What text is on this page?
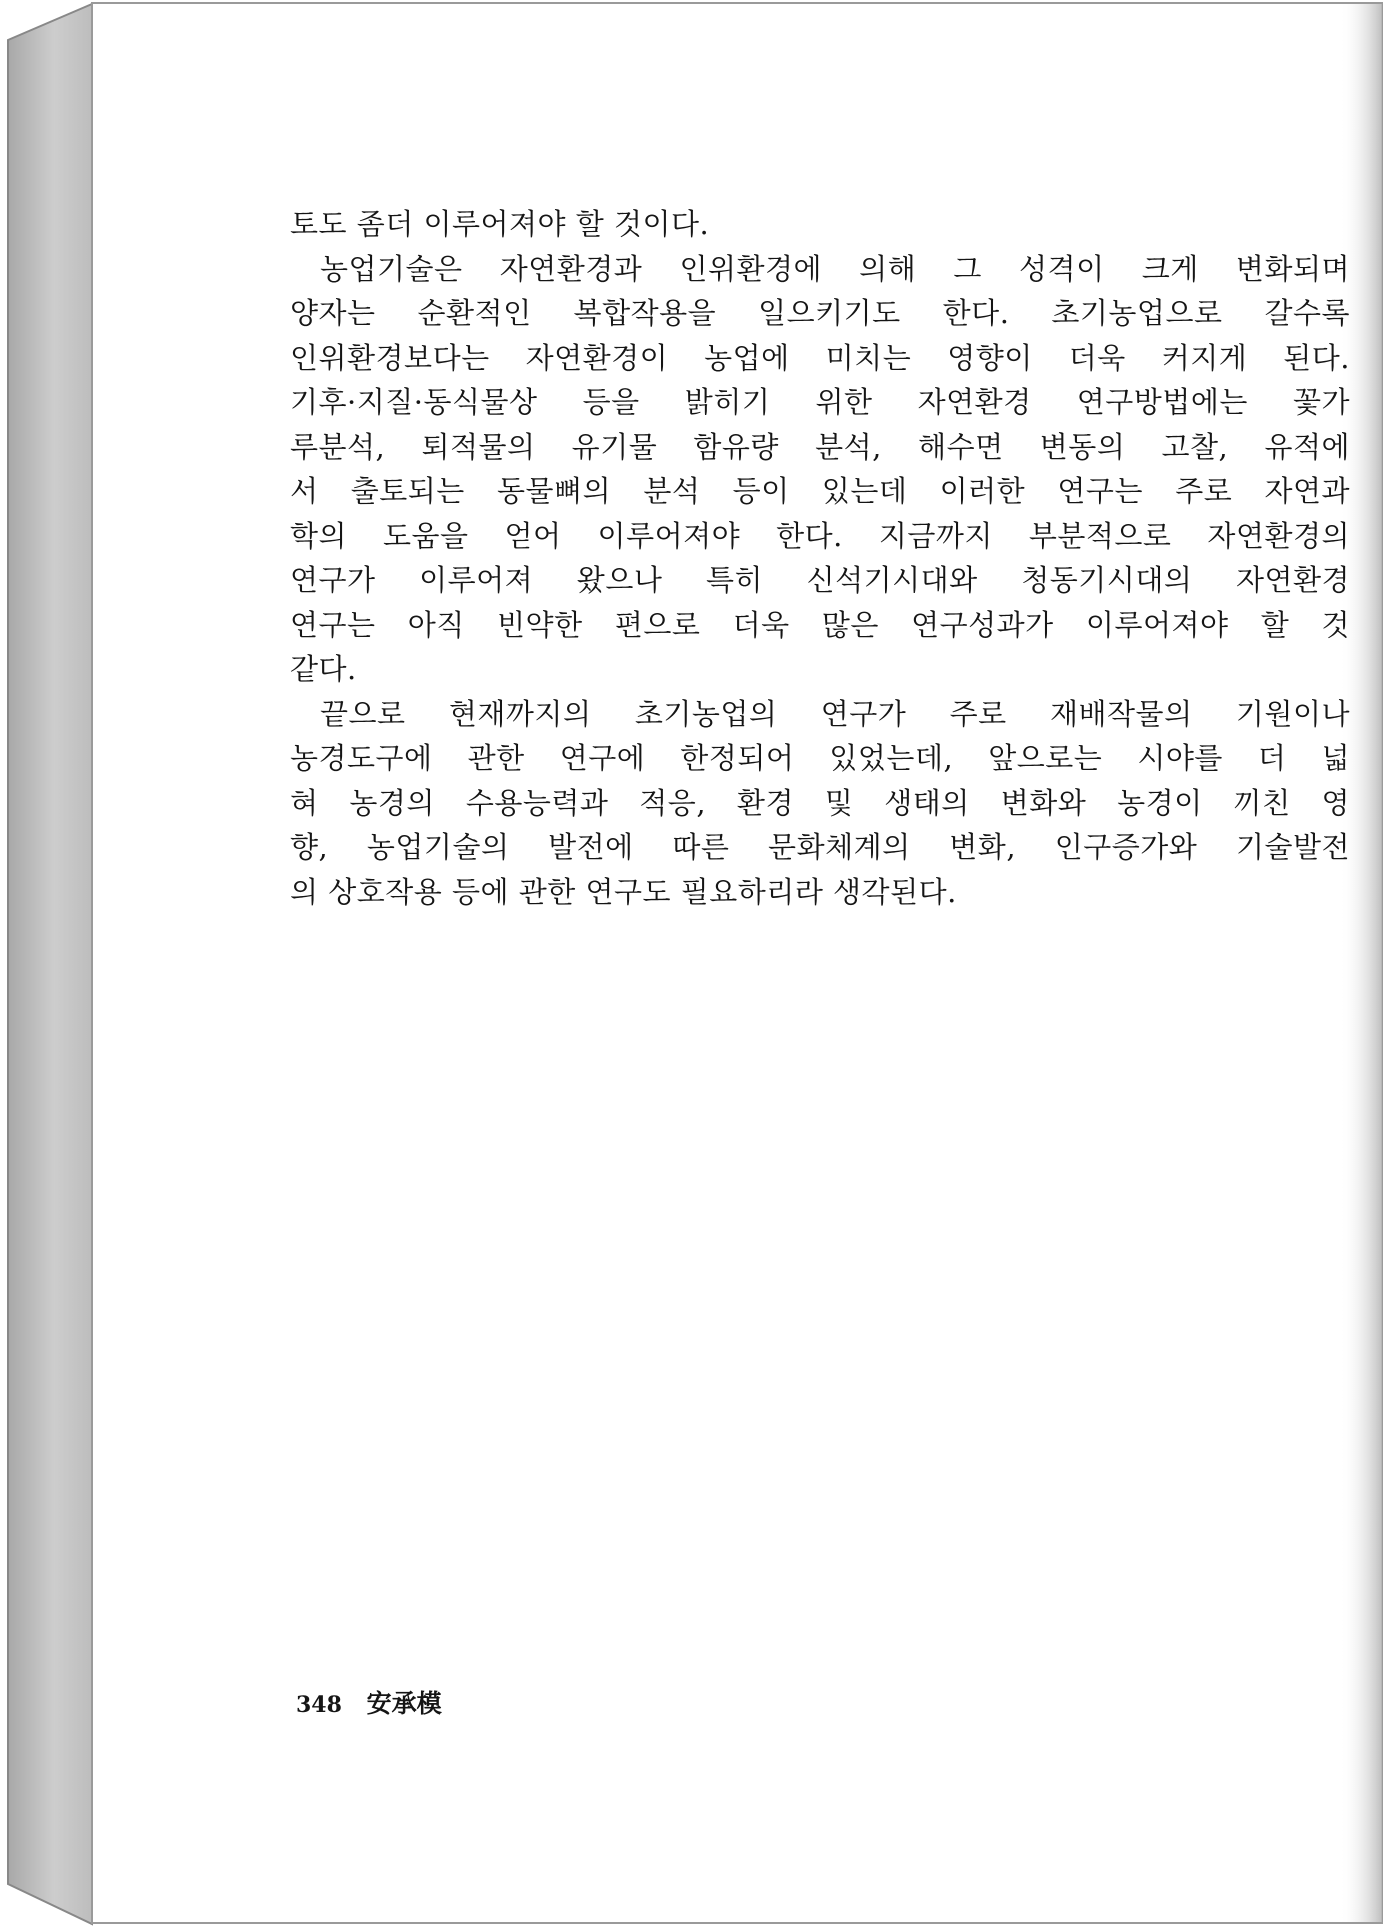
토도 좀더 이루어져야 할 것이다.
농업기술은 자연환경과 인위환경에 의해 그 성격이 크게 변화되며
양자는 순환적인 복합작용을 일으키기도 한다. 초기농업으로 갈수록
인위환경보다는 자연환경이 농업에 미치는 영향이 더욱 커지게 된다.
기후·지질·동식물상 등을 밝히기 위한 자연환경 연구방법에는 꽃가
루분석, 퇴적물의 유기물 함유량 분석, 해수면 변동의 고찰, 유적에
서 출토되는 동물뼈의 분석 등이 있는데 이러한 연구는 주로 자연과
학의 도움을 얻어 이루어져야 한다. 지금까지 부분적으로 자연환경의
연구가 이루어져 왔으나 특히 신석기시대와 청동기시대의 자연환경
연구는 아직 빈약한 편으로 더욱 많은 연구성과가 이루어져야 할 것
같다.
끝으로 현재까지의 초기농업의 연구가 주로 재배작물의 기원이나
농경도구에 관한 연구에 한정되어 있었는데, 앞으로는 시야를 더 넓
혀 농경의 수용능력과 적응, 환경 및 생태의 변화와 농경이 끼친 영
향, 농업기술의 발전에 따른 문화체계의 변화, 인구증가와 기술발전
의 상호작용 등에 관한 연구도 필요하리라 생각된다.
348 安承模
